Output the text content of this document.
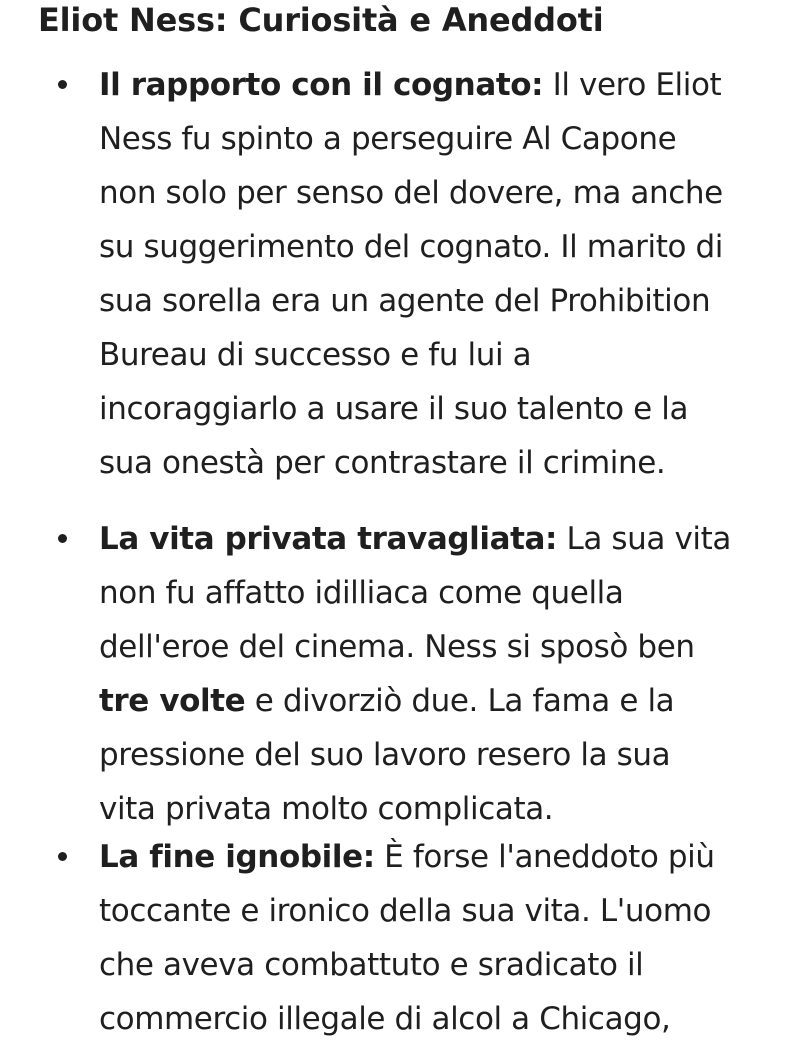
Eliot Ness: Curiosità e Aneddoti
Il rapporto con il cognato: Il vero Eliot
Ness fu spinto a perseguire Al Capone
non solo per senso del dovere, ma anche
su suggerimento del cognato. Il marito di
sua sorella era un agente del Prohibition
Bureau di successo e fu lui a
incoraggiarlo a usare il suo talento e la
sua onestà per contrastare il crimine.
La vita privata travagliata: La sua vita
non fu affatto idilliaca come quella
dell'eroe del cinema. Ness si sposò ben
tre volte e divorziò due. La fama e la
pressione del suo lavoro resero la sua
vita privata molto complicata.
La fine ignobile: È forse l'aneddoto più
toccante e ironico della sua vita. L'uomo
che aveva combattuto e sradicato il
commercio illegale di alcol a Chicago,
